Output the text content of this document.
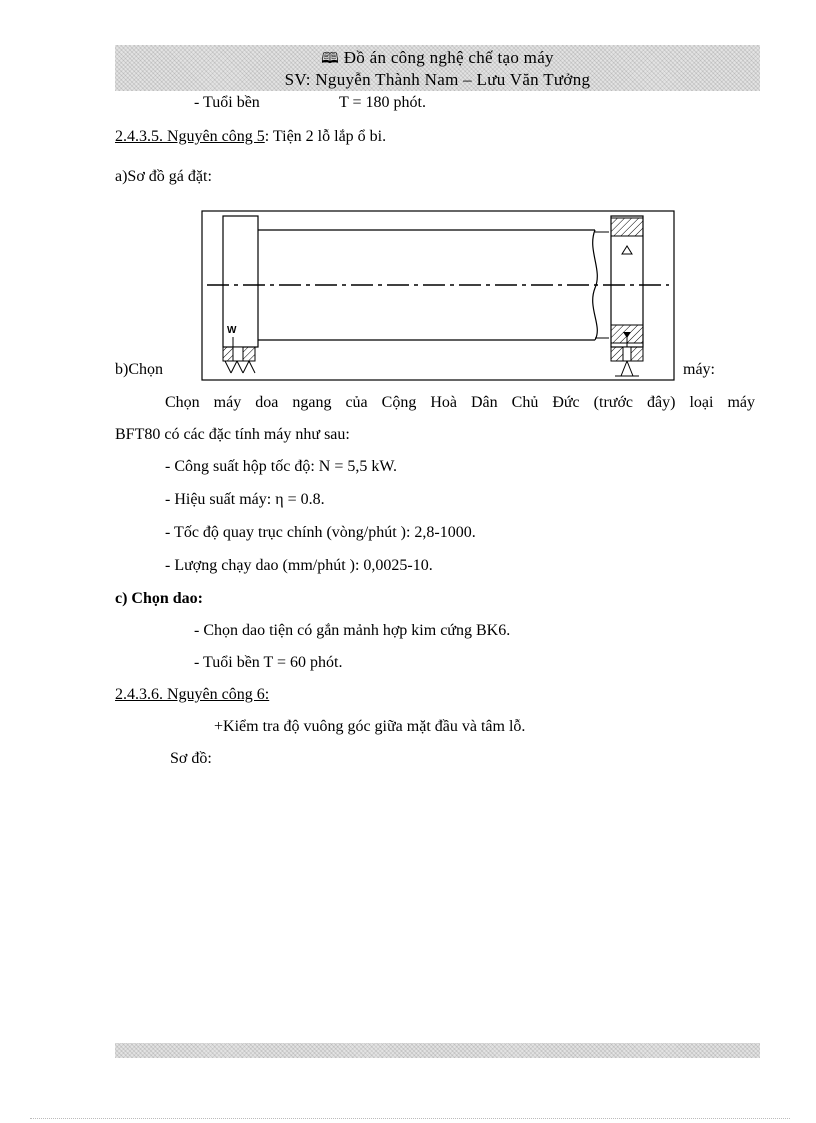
🕮 Đồ án công nghệ chế tạo máy
SV: Nguyễn Thành Nam – Lưu Văn Tưởng
- Tuổi bền	T = 180 phót.
2.4.3.5. Nguyên công 5: Tiện 2 lỗ lắp ổ bi.
a)Sơ đồ gá đặt:
W
b)Chọn	máy:
Chọn máy doa ngang của Cộng Hoà Dân Chủ Đức (trước đây) loại máy
BFT80 có các đặc tính máy như sau:
- Công suất hộp tốc độ: N = 5,5 kW.
- Hiệu suất máy: η = 0.8.
- Tốc độ quay trục chính (vòng/phút ): 2,8-1000.
- Lượng chạy dao (mm/phút ): 0,0025-10.
c) Chọn dao:
- Chọn dao tiện có gắn mảnh hợp kim cứng BK6.
- Tuổi bền T = 60 phót.
2.4.3.6. Nguyên công 6:
+Kiểm tra độ vuông góc giữa mặt đầu và tâm lỗ.
Sơ đồ:
